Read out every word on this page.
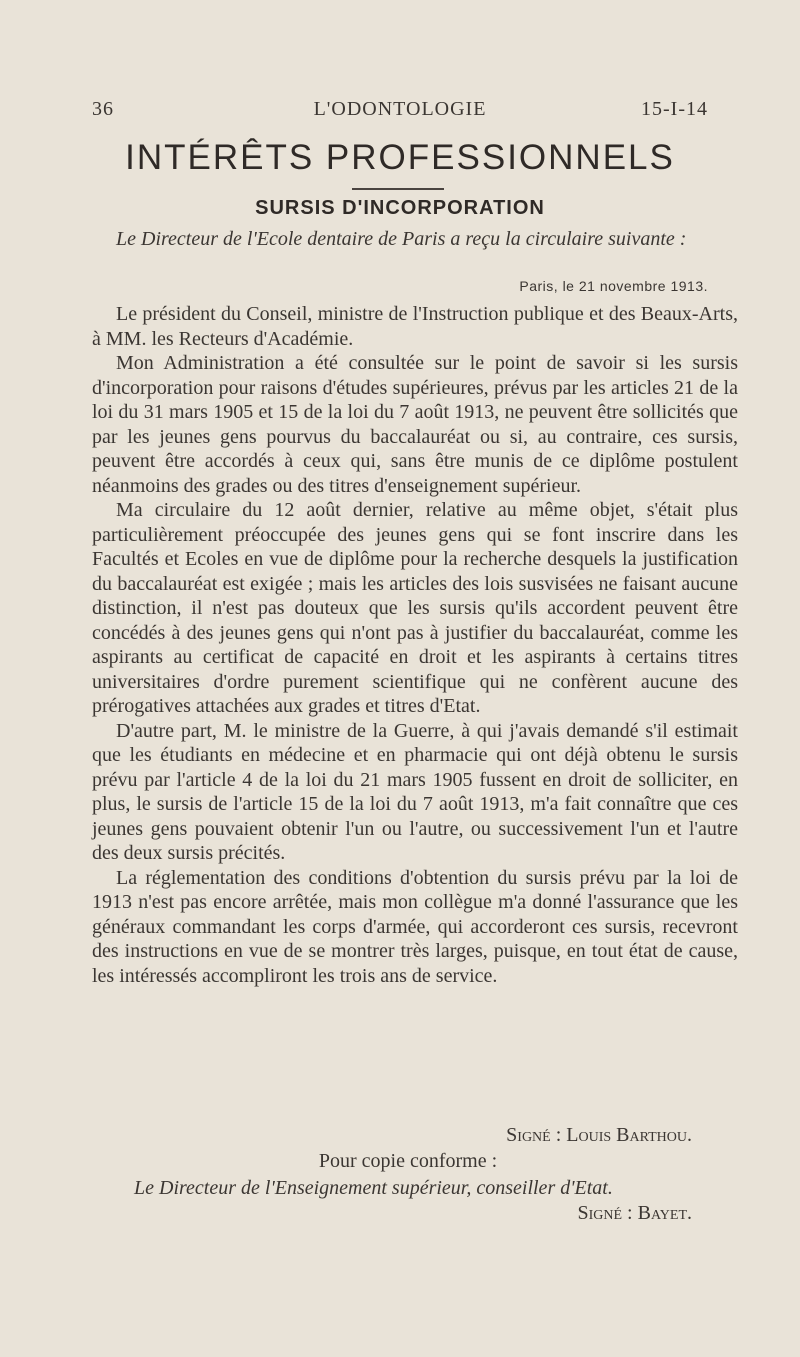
L'ODONTOLOGIE
36	15-I-14
INTÉRÊTS PROFESSIONNELS
SURSIS D'INCORPORATION
Le Directeur de l'Ecole dentaire de Paris a reçu la circulaire suivante :
Paris, le 21 novembre 1913.

Le président du Conseil, ministre de l'Instruction publique et des Beaux-Arts, à MM. les Recteurs d'Académie.

Mon Administration a été consultée sur le point de savoir si les sursis d'incorporation pour raisons d'études supérieures, prévus par les articles 21 de la loi du 31 mars 1905 et 15 de la loi du 7 août 1913, ne peuvent être sollicités que par les jeunes gens pourvus du baccalauréat ou si, au contraire, ces sursis, peuvent être accordés à ceux qui, sans être munis de ce diplôme postulent néanmoins des grades ou des titres d'enseignement supérieur.

Ma circulaire du 12 août dernier, relative au même objet, s'était plus particulièrement préoccupée des jeunes gens qui se font inscrire dans les Facultés et Ecoles en vue de diplôme pour la recherche desquels la justification du baccalauréat est exigée ; mais les articles des lois susvisées ne faisant aucune distinction, il n'est pas douteux que les sursis qu'ils accordent peuvent être concédés à des jeunes gens qui n'ont pas à justifier du baccalauréat, comme les aspirants au certificat de capacité en droit et les aspirants à certains titres universitaires d'ordre purement scientifique qui ne confèrent aucune des prérogatives attachées aux grades et titres d'Etat.

D'autre part, M. le ministre de la Guerre, à qui j'avais demandé s'il estimait que les étudiants en médecine et en pharmacie qui ont déjà obtenu le sursis prévu par l'article 4 de la loi du 21 mars 1905 fussent en droit de solliciter, en plus, le sursis de l'article 15 de la loi du 7 août 1913, m'a fait connaître que ces jeunes gens pouvaient obtenir l'un ou l'autre, ou successivement l'un et l'autre des deux sursis précités.

La réglementation des conditions d'obtention du sursis prévu par la loi de 1913 n'est pas encore arrêtée, mais mon collègue m'a donné l'assurance que les généraux commandant les corps d'armée, qui accorderont ces sursis, recevront des instructions en vue de se montrer très larges, puisque, en tout état de cause, les intéressés accompliront les trois ans de service.

Signé : Louis Barthou.
Pour copie conforme :
Le Directeur de l'Enseignement supérieur, conseiller d'Etat.
Signé : Bayet.
